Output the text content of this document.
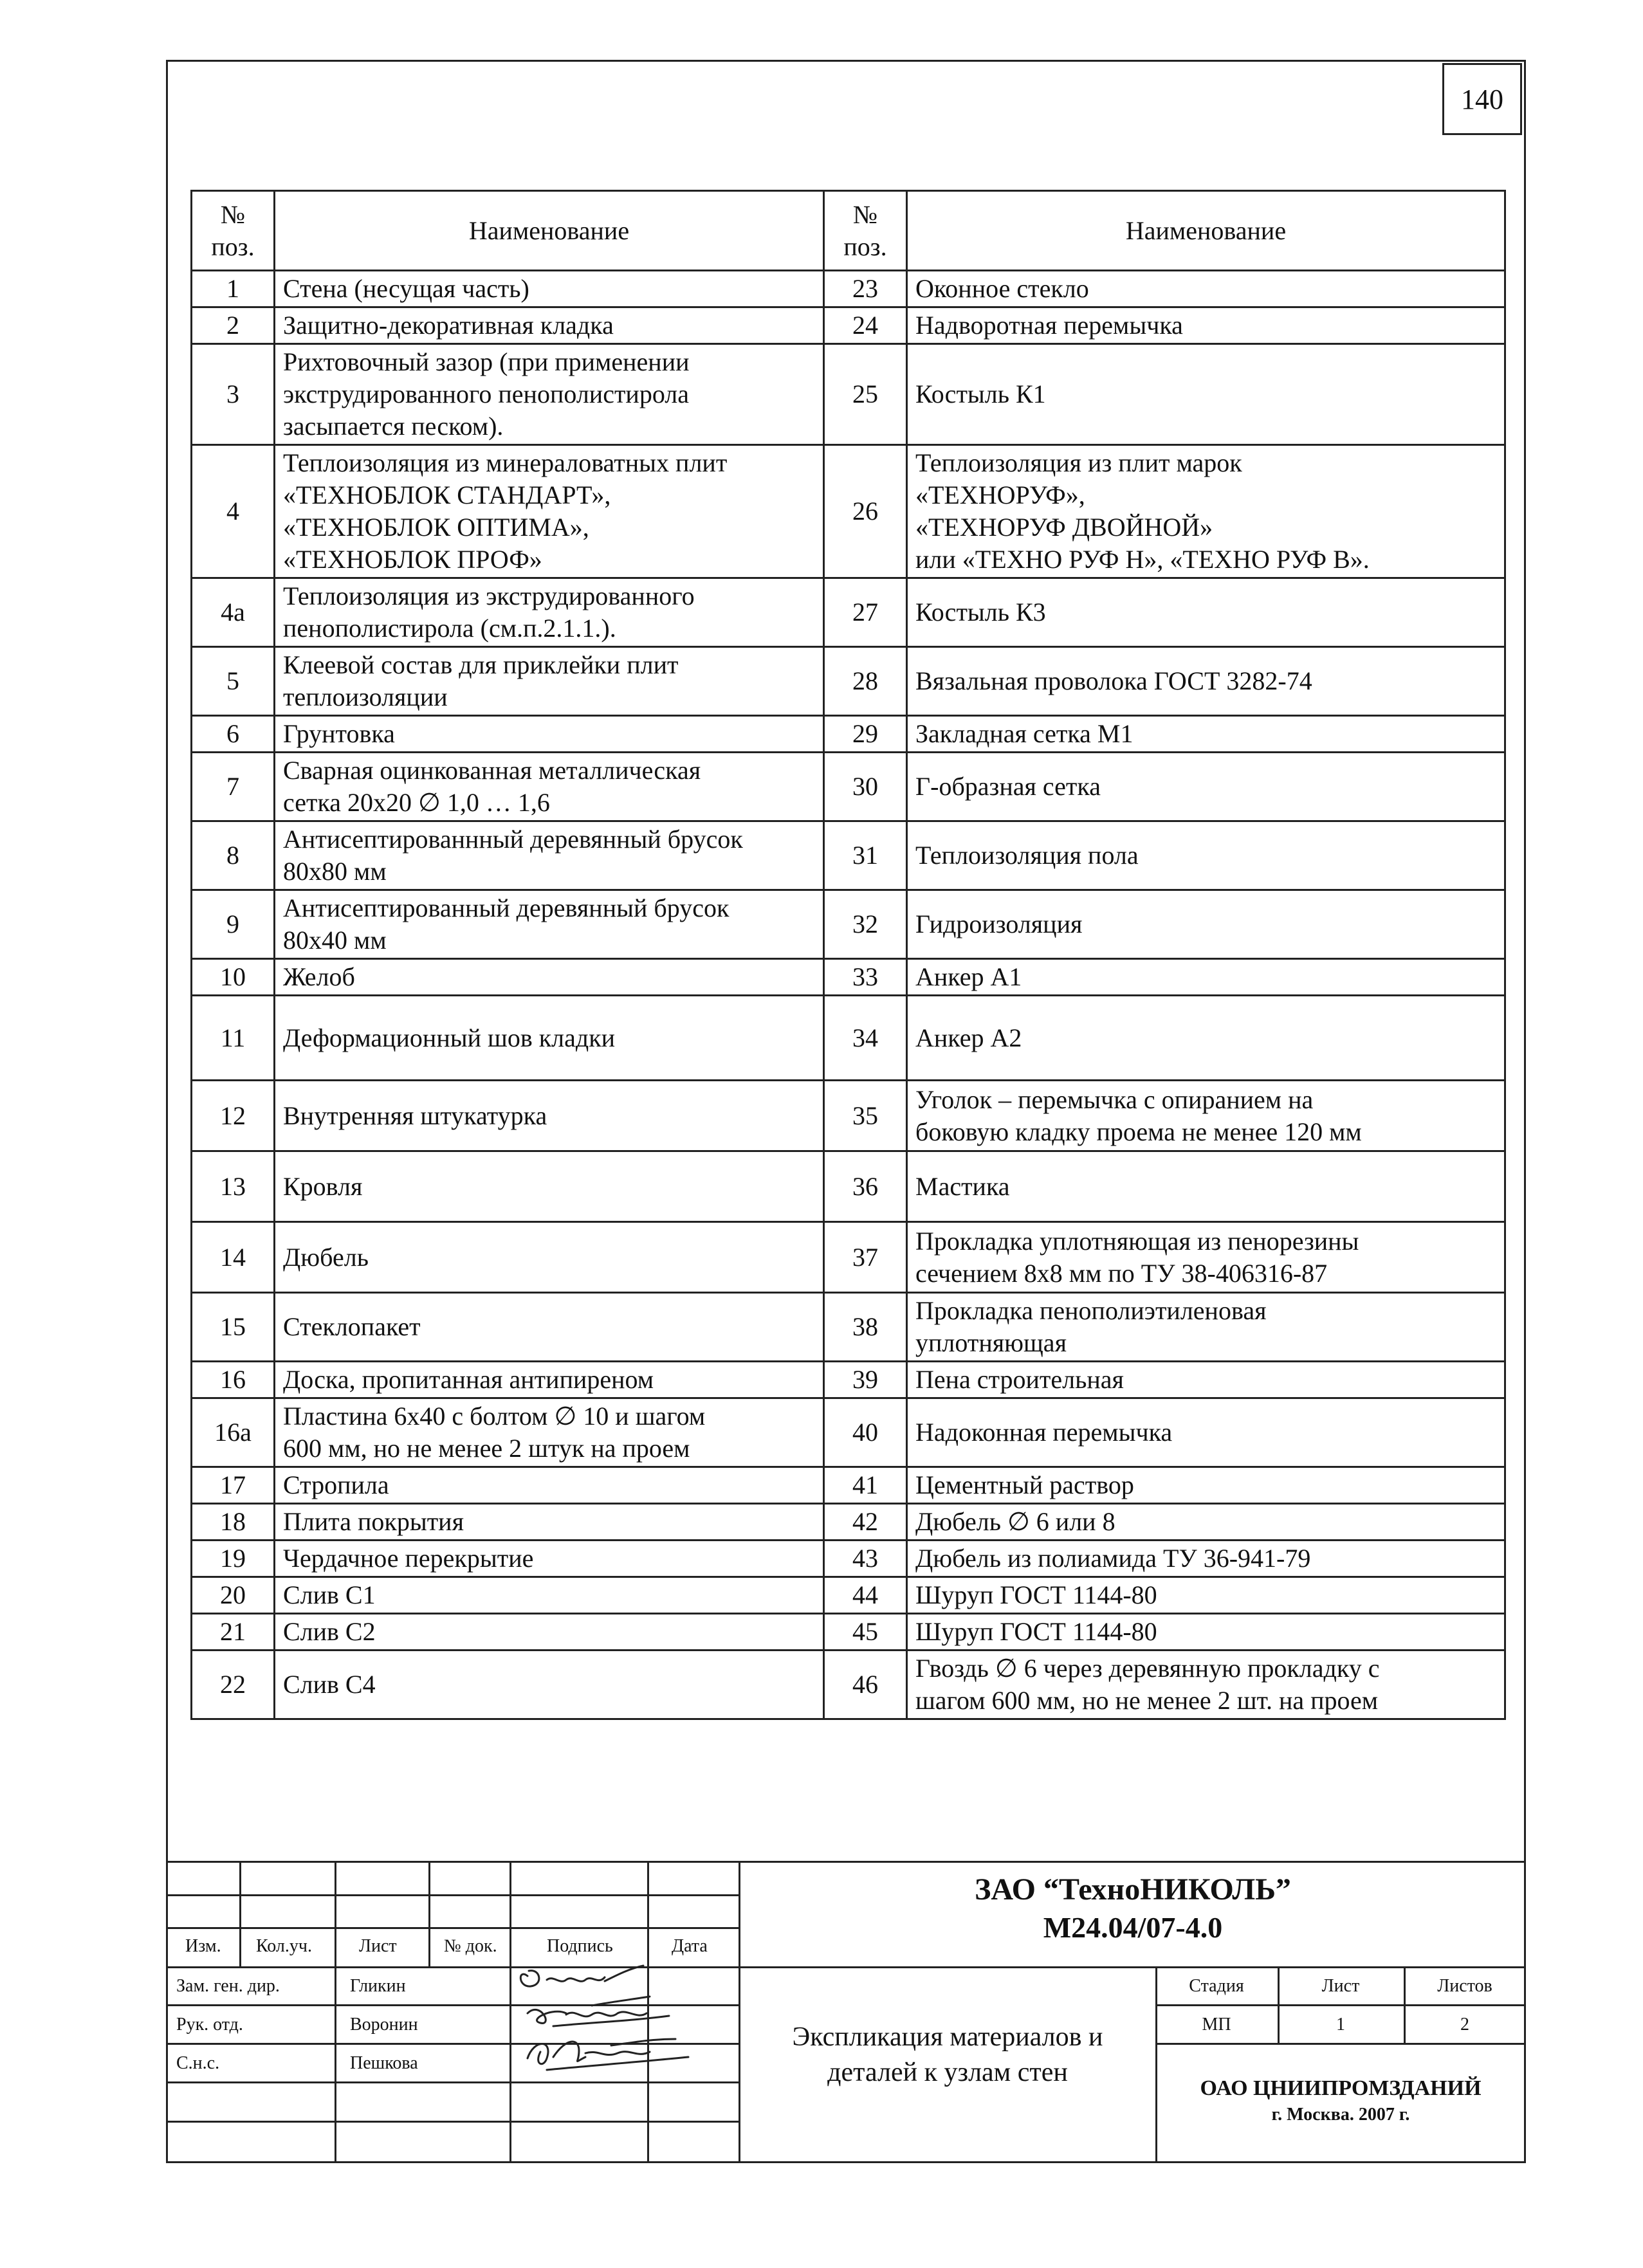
140
№
поз.	Наименование	№
поз.	Наименование
1	Стена (несущая часть)	23	Оконное стекло
2	Защитно-декоративная кладка	24	Надворотная перемычка
3	Рихтовочный зазор (при применении
экструдированного пенополистирола
засыпается песком).	25	Костыль К1
4	Теплоизоляция из минераловатных плит
«ТЕХНОБЛОК СТАНДАРТ»,
«ТЕХНОБЛОК ОПТИМА»,
«ТЕХНОБЛОК ПРОФ»	26	Теплоизоляция из плит марок
«ТЕХНОРУФ»,
«ТЕХНОРУФ ДВОЙНОЙ»
или «ТЕХНО РУФ Н», «ТЕХНО РУФ В».
4а	Теплоизоляция из экструдированного
пенополистирола (см.п.2.1.1.).	27	Костыль К3
5	Клеевой состав для приклейки плит
теплоизоляции	28	Вязальная проволока ГОСТ 3282-74
6	Грунтовка	29	Закладная сетка М1
7	Сварная оцинкованная металлическая
сетка 20х20 ∅ 1,0 … 1,6	30	Г-образная сетка
8	Антисептированнный деревянный брусок
80х80 мм	31	Теплоизоляция пола
9	Антисептированный деревянный брусок
80х40 мм	32	Гидроизоляция
10	Желоб	33	Анкер А1
11	Деформационный шов кладки	34	Анкер А2
12	Внутренняя штукатурка	35	Уголок – перемычка с опиранием на
боковую кладку проема не менее 120 мм
13	Кровля	36	Мастика
14	Дюбель	37	Прокладка уплотняющая из пенорезины
сечением 8х8 мм по ТУ 38-406316-87
15	Стеклопакет	38	Прокладка пенополиэтиленовая
уплотняющая
16	Доска, пропитанная антипиреном	39	Пена строительная
16а	Пластина 6х40 с болтом ∅ 10 и шагом
600 мм, но не менее 2 штук на проем	40	Надоконная перемычка
17	Стропила	41	Цементный раствор
18	Плита покрытия	42	Дюбель ∅ 6 или 8
19	Чердачное перекрытие	43	Дюбель из полиамида ТУ 36-941-79
20	Слив С1	44	Шуруп ГОСТ 1144-80
21	Слив С2	45	Шуруп ГОСТ 1144-80
22	Слив С4	46	Гвоздь ∅ 6 через деревянную прокладку с
шагом 600 мм, но не менее 2 шт. на проем
Изм. Кол.уч.	Лист	№ док.	Подпись	Дата
Зам. ген. дир.	Гликин
Рук. отд.	Воронин
С.н.с.	Пешкова
ЗАО “ТехноНИКОЛЬ”
М24.04/07-4.0
Экспликация материалов и
деталей к узлам стен
Стадия	Лист	Листов
МП	1	2
ОАО ЦНИИПРОМЗДАНИЙ
г. Москва. 2007 г.
